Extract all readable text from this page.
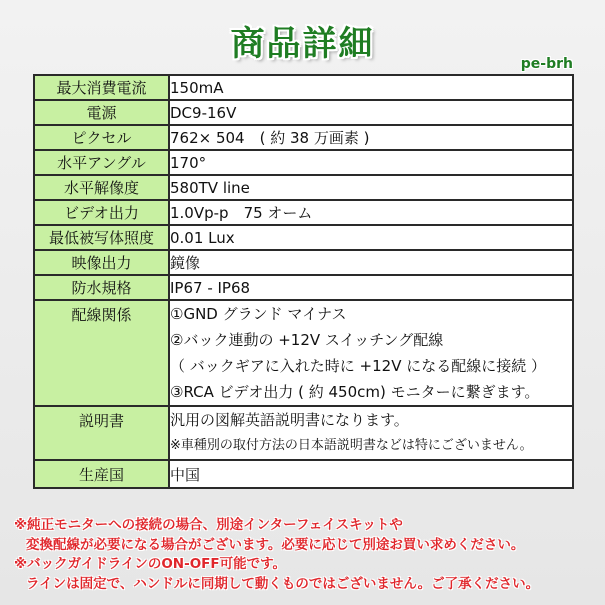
商品詳細	pe-brh
最大消費電流	150mA
電源	DC9-16V
ピクセル	762× 504　( 約 38 万画素 )
水平アングル	170°
水平解像度	580TV line
ビデオ出力	1.0Vp-p　75 オーム
最低被写体照度	0.01 Lux
映像出力	鏡像
防水規格	IP67 - IP68
配線関係	①GND グランド マイナス
②バック連動の +12V スイッチング配線
（ バックギアに入れた時に +12V になる配線に接続 ）
③RCA ビデオ出力 ( 約 450cm) モニターに繋ぎます。

説明書	汎用の図解英語説明書になります。
※車種別の取付方法の日本語説明書などは特にございません。

生産国	中国
※純正モニターへの接続の場合、別途インターフェイスキットや
変換配線が必要になる場合がございます。必要に応じて別途お買い求めください。
※バックガイドラインのON-OFF可能です。
ラインは固定で、ハンドルに同期して動くものではございません。ご了承ください。
